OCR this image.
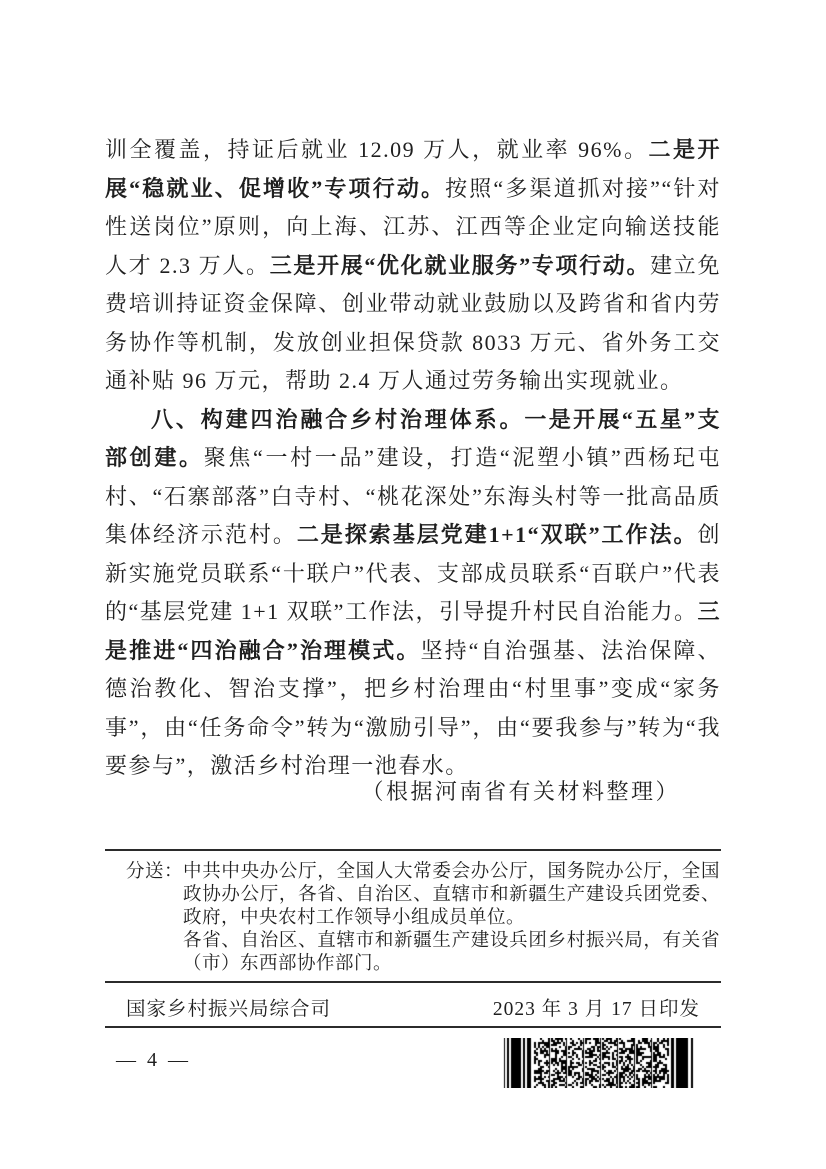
训全覆盖，持证后就业 12.09 万人，就业率 96%。二是开展“稳就业、促增收”专项行动。按照“多渠道抓对接”“针对性送岗位”原则，向上海、江苏、江西等企业定向输送技能人才 2.3 万人。三是开展“优化就业服务”专项行动。建立免费培训持证资金保障、创业带动就业鼓励以及跨省和省内劳务协作等机制，发放创业担保贷款 8033 万元、省外务工交通补贴 96 万元，帮助 2.4 万人通过劳务输出实现就业。

八、构建四治融合乡村治理体系。一是开展“五星”支部创建。聚焦“一村一品”建设，打造“泥塑小镇”西杨玘屯村、“石寨部落”白寺村、“桃花深处”东海头村等一批高品质集体经济示范村。二是探索基层党建1+1“双联”工作法。创新实施党员联系“十联户”代表、支部成员联系“百联户”代表的“基层党建 1+1 双联”工作法，引导提升村民自治能力。三是推进“四治融合”治理模式。坚持“自治强基、法治保障、德治教化、智治支撑”，把乡村治理由“村里事”变成“家务事”，由“任务命令”转为“激励引导”，由“要我参与”转为“我要参与”，激活乡村治理一池春水。

（根据河南省有关材料整理）
分送： 中共中央办公厅，全国人大常委会办公厅，国务院办公厅，全国政协办公厅，各省、自治区、直辖市和新疆生产建设兵团党委、政府，中央农村工作领导小组成员单位。

各省、自治区、直辖市和新疆生产建设兵团乡村振兴局，有关省（市）东西部协作部门。

国家乡村振兴局综合司	2023 年 3 月 17 日印发
— 4 —
